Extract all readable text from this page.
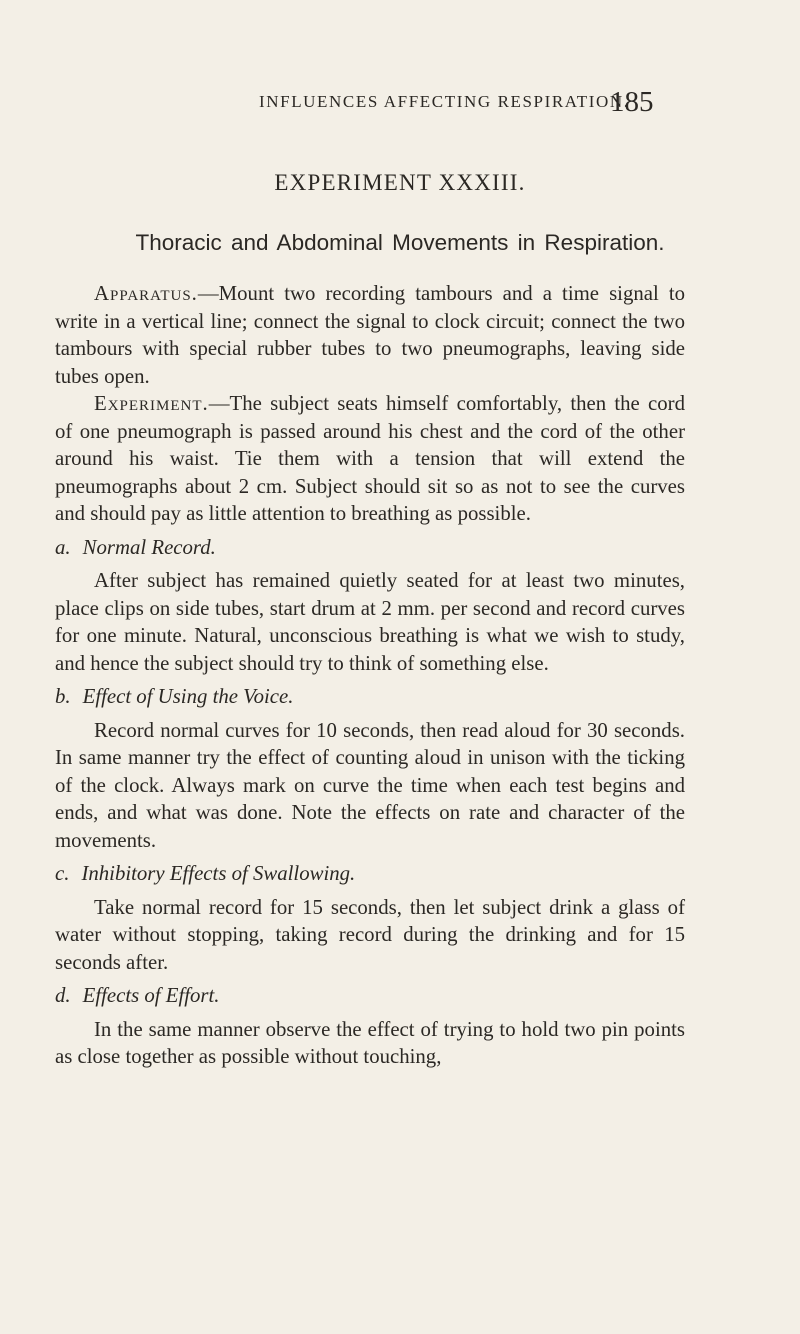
INFLUENCES AFFECTING RESPIRATION.
185
EXPERIMENT XXXIII.
Thoracic and Abdominal Movements in Respiration.

Apparatus.—Mount two recording tambours and a time signal to write in a vertical line; connect the signal to clock circuit; connect the two tambours with special rubber tubes to two pneumographs, leaving side tubes open.

Experiment.—The subject seats himself comfortably, then the cord of one pneumograph is passed around his chest and the cord of the other around his waist. Tie them with a tension that will extend the pneumographs about 2 cm. Subject should sit so as not to see the curves and should pay as little attention to breathing as possible.

a. Normal Record.

After subject has remained quietly seated for at least two minutes, place clips on side tubes, start drum at 2 mm. per second and record curves for one minute. Natural, unconscious breathing is what we wish to study, and hence the subject should try to think of something else.

b. Effect of Using the Voice.

Record normal curves for 10 seconds, then read aloud for 30 seconds. In same manner try the effect of counting aloud in unison with the ticking of the clock. Always mark on curve the time when each test begins and ends, and what was done. Note the effects on rate and character of the movements.

c. Inhibitory Effects of Swallowing.

Take normal record for 15 seconds, then let subject drink a glass of water without stopping, taking record during the drinking and for 15 seconds after.

d. Effects of Effort.

In the same manner observe the effect of trying to hold two pin points as close together as possible without touching,
